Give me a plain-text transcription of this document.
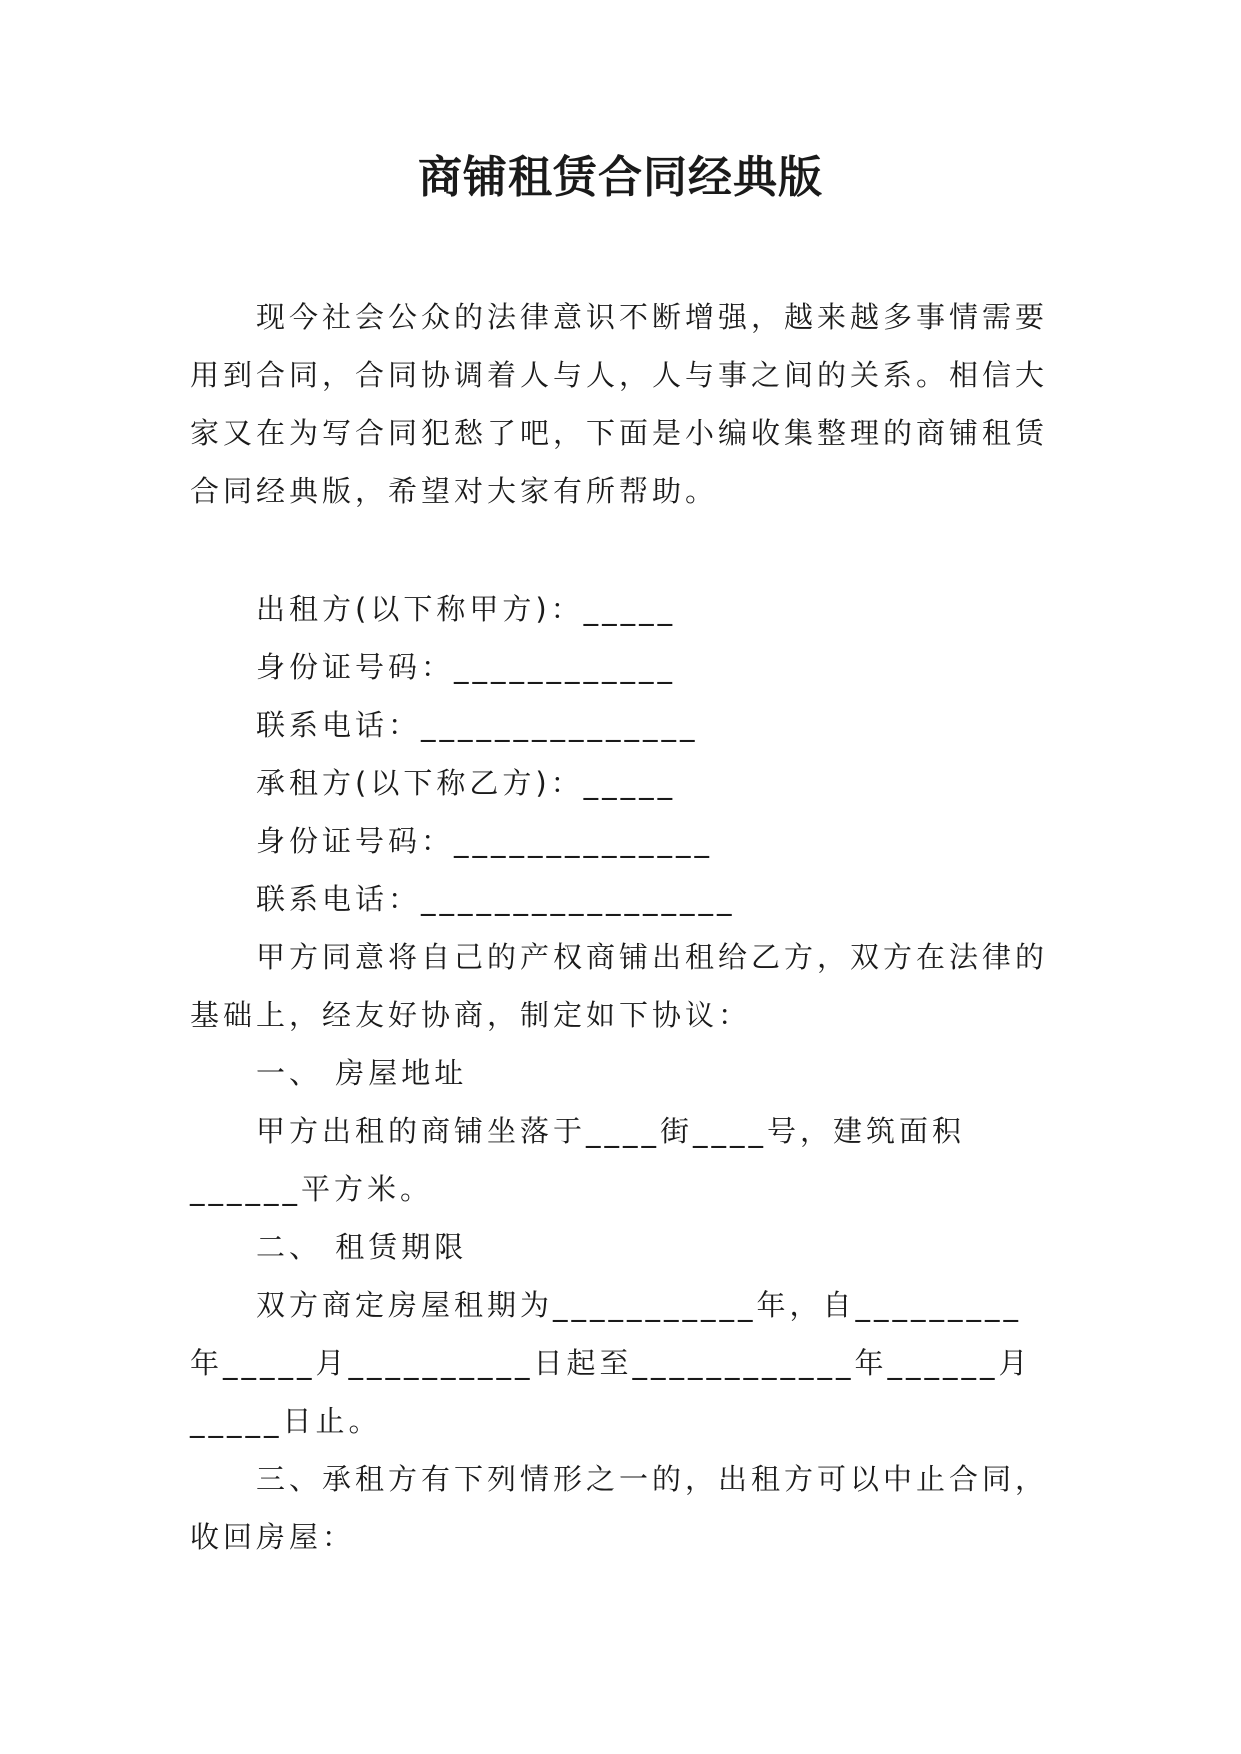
商铺租赁合同经典版

现今社会公众的法律意识不断增强，越来越多事情需要用到合同，合同协调着人与人，人与事之间的关系。相信大家又在为写合同犯愁了吧，下面是小编收集整理的商铺租赁合同经典版，希望对大家有所帮助。

出租方(以下称甲方)：_____

身份证号码：____________

联系电话：_______________

承租方(以下称乙方)：_____

身份证号码：______________

联系电话：_________________

甲方同意将自己的产权商铺出租给乙方，双方在法律的基础上，经友好协商，制定如下协议：

一、 房屋地址

甲方出租的商铺坐落于____街____号，建筑面积______平方米。

二、 租赁期限

双方商定房屋租期为___________年，自_________年_____月__________日起至____________年______月_____日止。

三、承租方有下列情形之一的，出租方可以中止合同，收回房屋：
